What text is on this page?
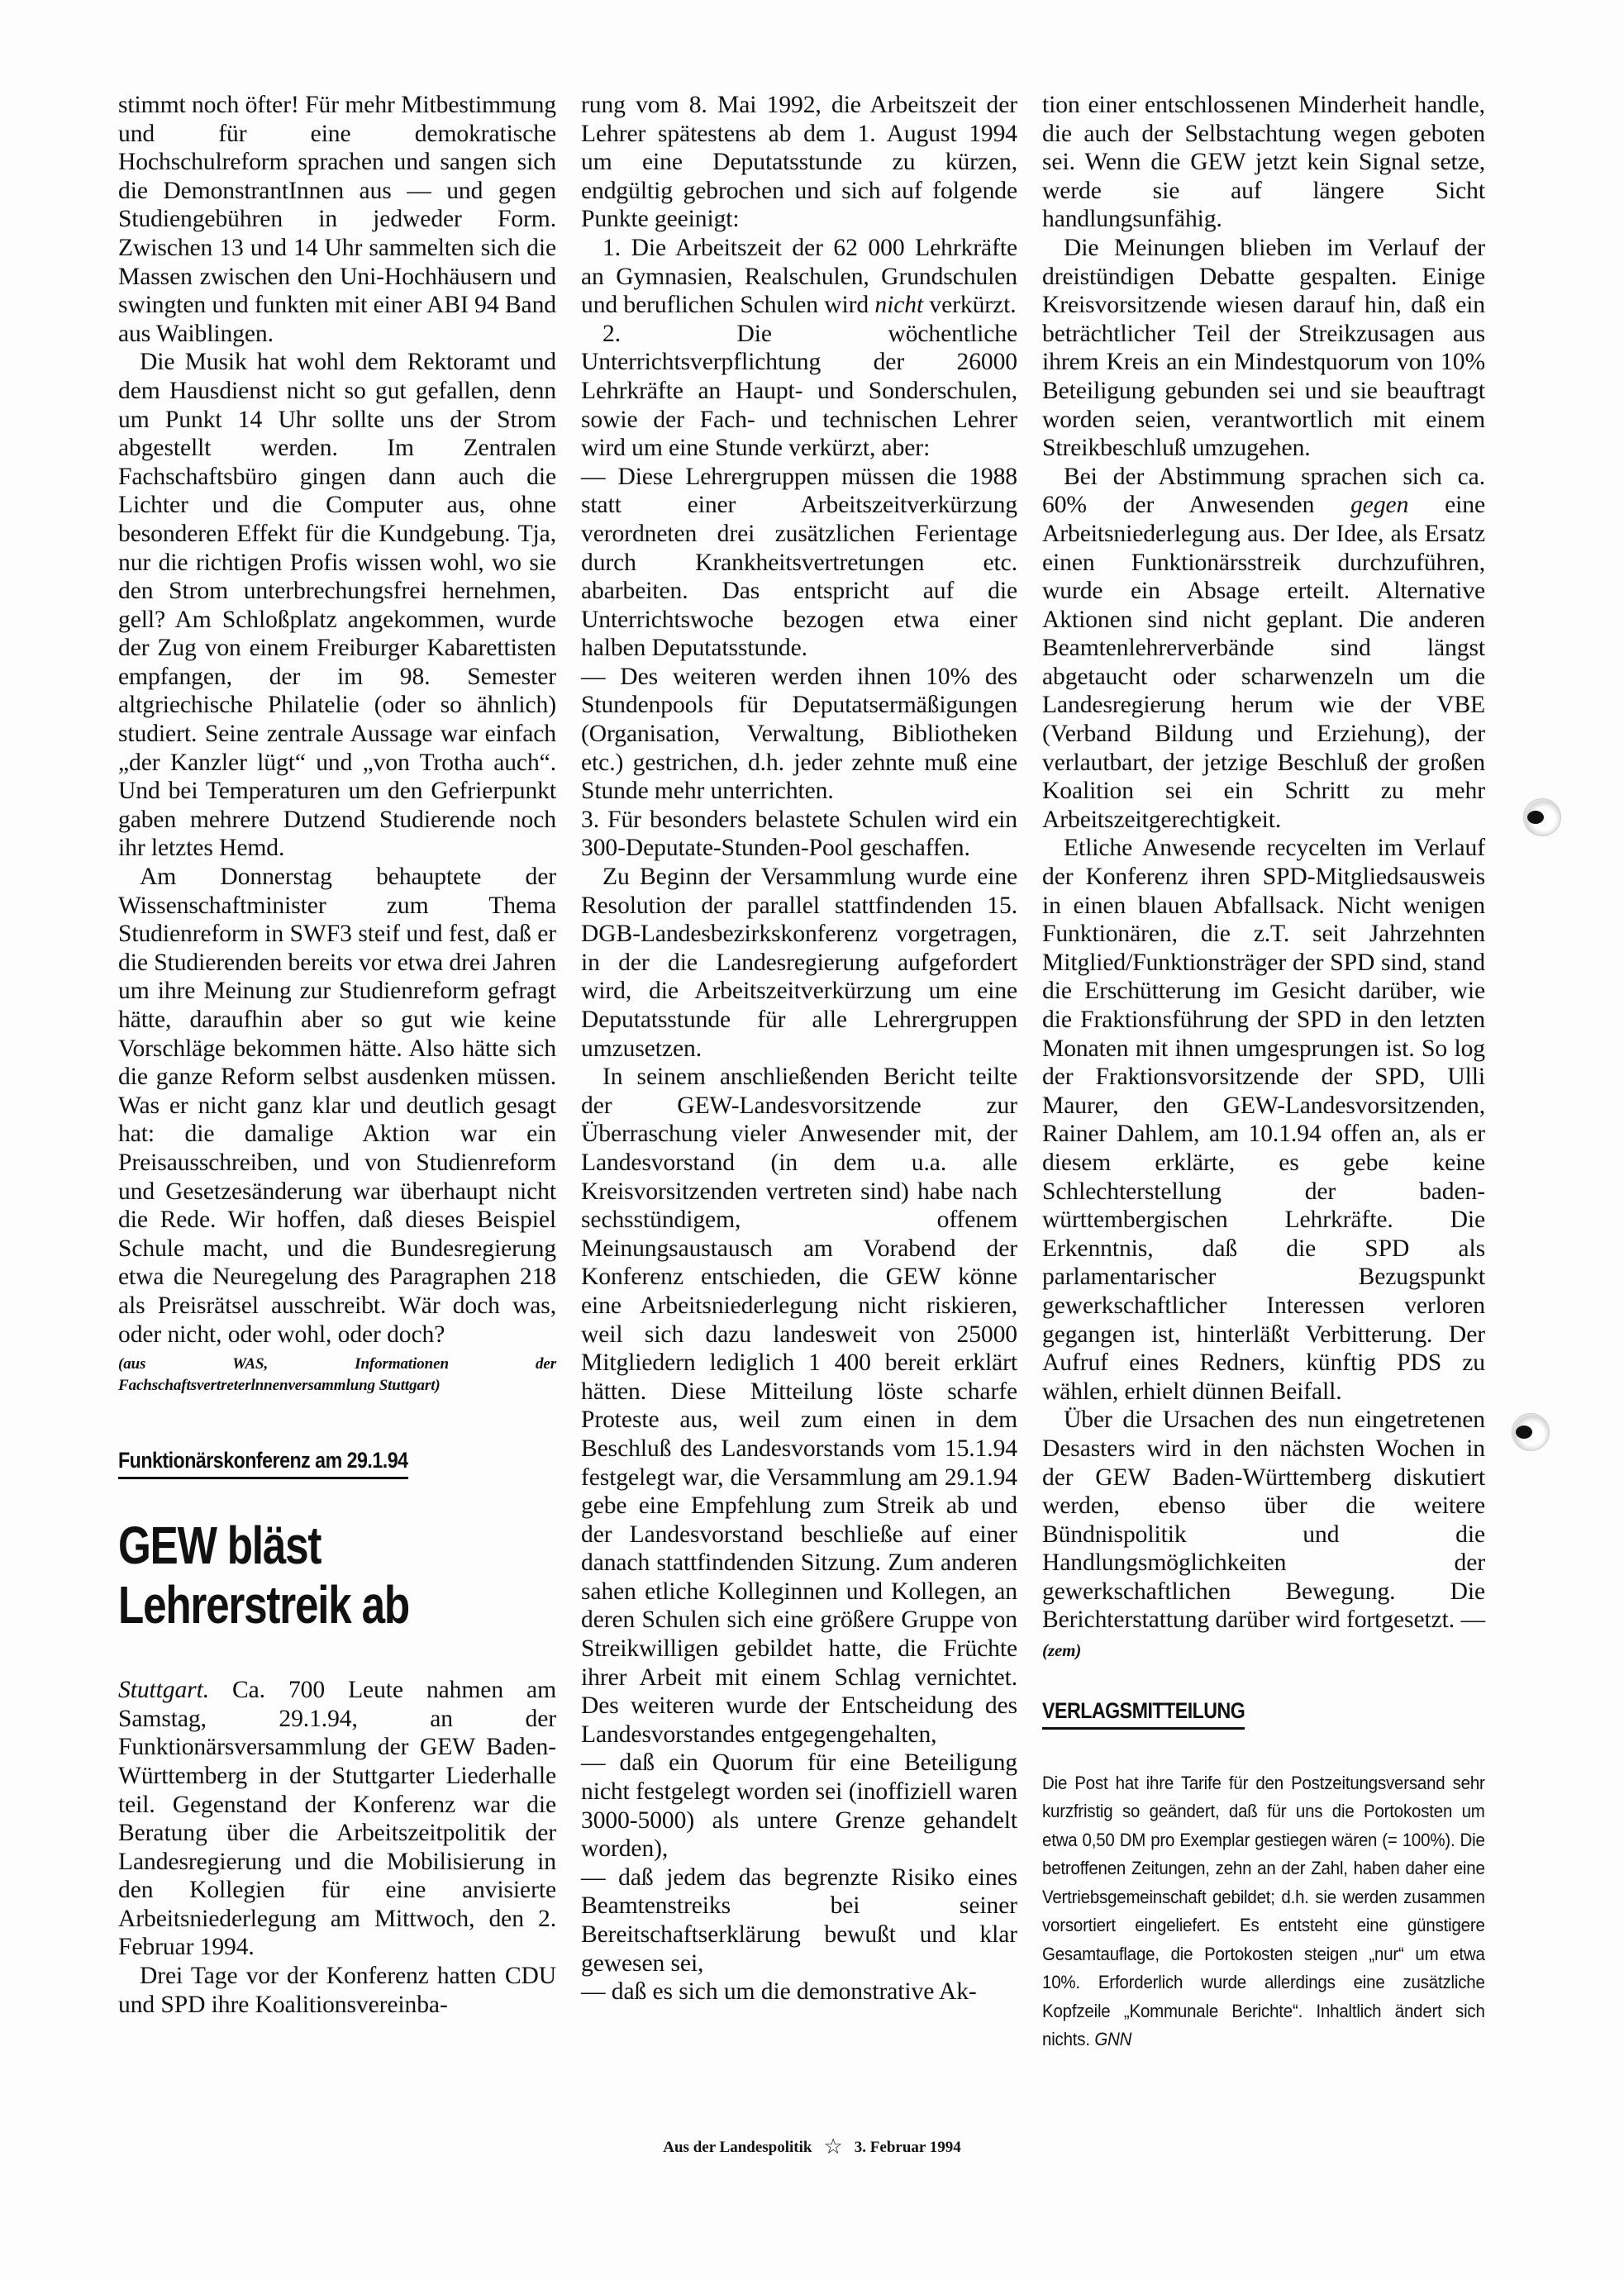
stimmt noch öfter! Für mehr Mitbestimmung und für eine demokratische Hochschulreform sprachen und sangen sich die DemonstrantInnen aus — und gegen Studiengebühren in jedweder Form. Zwischen 13 und 14 Uhr sammelten sich die Massen zwischen den Uni-Hochhäusern und swingten und funkten mit einer ABI 94 Band aus Waiblingen.

Die Musik hat wohl dem Rektoramt und dem Hausdienst nicht so gut gefallen, denn um Punkt 14 Uhr sollte uns der Strom abgestellt werden. Im Zentralen Fachschaftsbüro gingen dann auch die Lichter und die Computer aus, ohne besonderen Effekt für die Kundgebung. Tja, nur die richtigen Profis wissen wohl, wo sie den Strom unterbrechungsfrei hernehmen, gell? Am Schloßplatz angekommen, wurde der Zug von einem Freiburger Kabarettisten empfangen, der im 98. Semester altgriechische Philatelie (oder so ähnlich) studiert. Seine zentrale Aussage war einfach „der Kanzler lügt“ und „von Trotha auch“. Und bei Temperaturen um den Gefrierpunkt gaben mehrere Dutzend Studierende noch ihr letztes Hemd.

Am Donnerstag behauptete der Wissenschaftminister zum Thema Studienreform in SWF3 steif und fest, daß er die Studierenden bereits vor etwa drei Jahren um ihre Meinung zur Studienreform gefragt hätte, daraufhin aber so gut wie keine Vorschläge bekommen hätte. Also hätte sich die ganze Reform selbst ausdenken müssen. Was er nicht ganz klar und deutlich gesagt hat: die damalige Aktion war ein Preisausschreiben, und von Studienreform und Gesetzesänderung war überhaupt nicht die Rede. Wir hoffen, daß dieses Beispiel Schule macht, und die Bundesregierung etwa die Neuregelung des Paragraphen 218 als Preisrätsel ausschreibt. Wär doch was, oder nicht, oder wohl, oder doch?

(aus WAS, Informationen der Fachschaftsvertreterlnnenversammlung Stuttgart)

Funktionärskonferenz am 29.1.94
GEW bläst
Lehrerstreik ab

Stuttgart. Ca. 700 Leute nahmen am Samstag, 29.1.94, an der Funktionärsversammlung der GEW Baden-Württemberg in der Stuttgarter Liederhalle teil. Gegenstand der Konferenz war die Beratung über die Arbeitszeitpolitik der Landesregierung und die Mobilisierung in den Kollegien für eine anvisierte Arbeitsniederlegung am Mittwoch, den 2. Februar 1994.

Drei Tage vor der Konferenz hatten CDU und SPD ihre Koalitionsvereinba-

rung vom 8. Mai 1992, die Arbeitszeit der Lehrer spätestens ab dem 1. August 1994 um eine Deputatsstunde zu kürzen, endgültig gebrochen und sich auf folgende Punkte geeinigt:

1. Die Arbeitszeit der 62 000 Lehrkräfte an Gymnasien, Realschulen, Grundschulen und beruflichen Schulen wird nicht verkürzt.

2. Die wöchentliche Unterrichtsverpflichtung der 26000 Lehrkräfte an Haupt- und Sonderschulen, sowie der Fach- und technischen Lehrer wird um eine Stunde verkürzt, aber:

— Diese Lehrergruppen müssen die 1988 statt einer Arbeitszeitverkürzung verordneten drei zusätzlichen Ferientage durch Krankheitsvertretungen etc. abarbeiten. Das entspricht auf die Unterrichtswoche bezogen etwa einer halben Deputatsstunde.

— Des weiteren werden ihnen 10% des Stundenpools für Deputatsermäßigungen (Organisation, Verwaltung, Bibliotheken etc.) gestrichen, d.h. jeder zehnte muß eine Stunde mehr unterrichten.

3. Für besonders belastete Schulen wird ein 300-Deputate-Stunden-Pool geschaffen.

Zu Beginn der Versammlung wurde eine Resolution der parallel stattfindenden 15. DGB-Landesbezirkskonferenz vorgetragen, in der die Landesregierung aufgefordert wird, die Arbeitszeitverkürzung um eine Deputatsstunde für alle Lehrergruppen umzusetzen.

In seinem anschließenden Bericht teilte der GEW-Landesvorsitzende zur Überraschung vieler Anwesender mit, der Landesvorstand (in dem u.a. alle Kreisvorsitzenden vertreten sind) habe nach sechsstündigem, offenem Meinungsaustausch am Vorabend der Konferenz entschieden, die GEW könne eine Arbeitsniederlegung nicht riskieren, weil sich dazu landesweit von 25000 Mitgliedern lediglich 1 400 bereit erklärt hätten. Diese Mitteilung löste scharfe Proteste aus, weil zum einen in dem Beschluß des Landesvorstands vom 15.1.94 festgelegt war, die Versammlung am 29.1.94 gebe eine Empfehlung zum Streik ab und der Landesvorstand beschließe auf einer danach stattfindenden Sitzung. Zum anderen sahen etliche Kolleginnen und Kollegen, an deren Schulen sich eine größere Gruppe von Streikwilligen gebildet hatte, die Früchte ihrer Arbeit mit einem Schlag vernichtet. Des weiteren wurde der Entscheidung des Landesvorstandes entgegengehalten,

— daß ein Quorum für eine Beteiligung nicht festgelegt worden sei (inoffiziell waren 3000-5000) als untere Grenze gehandelt worden),

— daß jedem das begrenzte Risiko eines Beamtenstreiks bei seiner Bereitschaftserklärung bewußt und klar gewesen sei,

— daß es sich um die demonstrative Ak-

tion einer entschlossenen Minderheit handle, die auch der Selbstachtung wegen geboten sei. Wenn die GEW jetzt kein Signal setze, werde sie auf längere Sicht handlungsunfähig.

Die Meinungen blieben im Verlauf der dreistündigen Debatte gespalten. Einige Kreisvorsitzende wiesen darauf hin, daß ein beträchtlicher Teil der Streikzusagen aus ihrem Kreis an ein Mindestquorum von 10% Beteiligung gebunden sei und sie beauftragt worden seien, verantwortlich mit einem Streikbeschluß umzugehen.

Bei der Abstimmung sprachen sich ca. 60% der Anwesenden gegen eine Arbeitsniederlegung aus. Der Idee, als Ersatz einen Funktionärsstreik durchzuführen, wurde ein Absage erteilt. Alternative Aktionen sind nicht geplant. Die anderen Beamtenlehrerverbände sind längst abgetaucht oder scharwenzeln um die Landesregierung herum wie der VBE (Verband Bildung und Erziehung), der verlautbart, der jetzige Beschluß der großen Koalition sei ein Schritt zu mehr Arbeitszeitgerechtigkeit.

Etliche Anwesende recycelten im Verlauf der Konferenz ihren SPD-Mitgliedsausweis in einen blauen Abfallsack. Nicht wenigen Funktionären, die z.T. seit Jahrzehnten Mitglied/Funktionsträger der SPD sind, stand die Erschütterung im Gesicht darüber, wie die Fraktionsführung der SPD in den letzten Monaten mit ihnen umgesprungen ist. So log der Fraktionsvorsitzende der SPD, Ulli Maurer, den GEW-Landesvorsitzenden, Rainer Dahlem, am 10.1.94 offen an, als er diesem erklärte, es gebe keine Schlechterstellung der baden-württembergischen Lehrkräfte. Die Erkenntnis, daß die SPD als parlamentarischer Bezugspunkt gewerkschaftlicher Interessen verloren gegangen ist, hinterläßt Verbitterung. Der Aufruf eines Redners, künftig PDS zu wählen, erhielt dünnen Beifall.

Über die Ursachen des nun eingetretenen Desasters wird in den nächsten Wochen in der GEW Baden-Württemberg diskutiert werden, ebenso über die weitere Bündnispolitik und die Handlungsmöglichkeiten der gewerkschaftlichen Bewegung. Die Berichterstattung darüber wird fortgesetzt. — (zem)

VERLAGSMITTEILUNG
Die Post hat ihre Tarife für den Postzeitungsversand sehr kurzfristig so geändert, daß für uns die Portokosten um etwa 0,50 DM pro Exemplar gestiegen wären (= 100%). Die betroffenen Zeitungen, zehn an der Zahl, haben daher eine Vertriebsgemeinschaft gebildet; d.h. sie werden zusammen vorsortiert eingeliefert. Es entsteht eine günstigere Gesamtauflage, die Portokosten steigen „nur“ um etwa 10%. Erforderlich wurde allerdings eine zusätzliche Kopfzeile „Kommunale Berichte“. Inhaltlich ändert sich nichts. GNN
Aus der Landespolitik ☆ 3. Februar 1994
